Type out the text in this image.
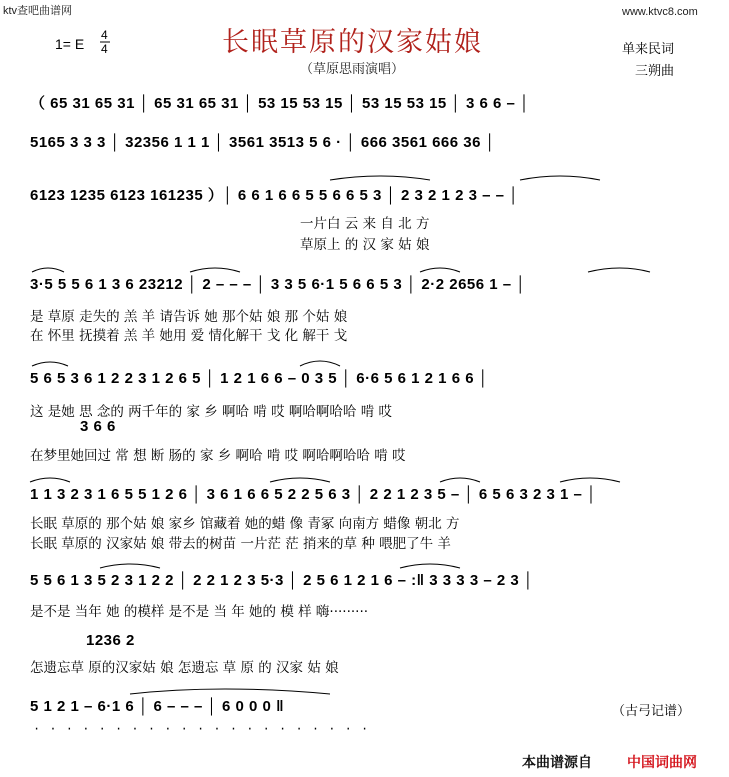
ktv查吧曲谱网	www.ktvc8.com
长眠草原的汉家姑娘
（草原思雨演唱）
1= E
4
4	单来民词
三朔曲
（ 65 31 65 31 │ 65 31 65 31 │ 53 15 53 15 │ 53 15 53 15 │ 3 6 6 – │
5165 3 3 3 │ 32356 1 1 1 │ 3561 3513 5 6 · │ 666 3561 666 36 │
6123 1235 6123 161235 ）│ 6 6 1 6 6 5 5 6 6 5 3 │ 2 3 2 1 2 3 – – │
一片白 云 来 自 北 方
草原上 的 汉 家 姑 娘
3·5 5 5 6 1 3 6 23212 │ 2 – – – │ 3 3 5 6·1 5 6 6 5 3 │ 2·2 2656 1 – │
是 草原 走失的 羔 羊 请告诉 她 那个姑 娘 那 个姑 娘
在 怀里 抚摸着 羔 羊 她用 爱 情化解干 戈 化 解干 戈
5 6 5 3 6 1 2 2 3 1 2 6 5 │ 1 2 1 6 6 – 0 3 5 │ 6·6 5 6 1 2 1 6 6 │
这 是她 思 念的 两千年的 家 乡 啊哈 啃 哎 啊哈啊哈哈 啃 哎
3 6 6
在梦里她回过 常 想 断 肠的 家 乡 啊哈 啃 哎 啊哈啊哈哈 啃 哎
1 1 3 2 3 1 6 5 5 1 2 6 │ 3 6 1 6 6 5 2 2 5 6 3 │ 2 2 1 2 3 5 – │ 6 5 6 3 2 3 1 – │
长眠 草原的 那个姑 娘 家乡 馆藏着 她的蜡 像 青冢 向南方 蜡像 朝北 方
长眠 草原的 汉家姑 娘 带去的树苗 一片茫 茫 捎来的草 种 喂肥了牛 羊
5 5 6 1 3 5 2 3 1 2 2 │ 2 2 1 2 3 5·3 │ 2 5 6 1 2 1 6 – :‖ 3 3 3 3 – 2 3 │
是不是 当年 她 的模样 是不是 当 年 她的 模 样 嗨·········
1236 2
怎遗忘草 原的汉家姑 娘 怎遗忘 草 原 的 汉家 姑 娘
5 1 2 1 – 6·1 6 │ 6 – – – │ 6 0 0 0 ‖
· · · · · · · · · · · · · · · · · · · · ·
（古弓记谱）
本曲谱源自	中国词曲网
